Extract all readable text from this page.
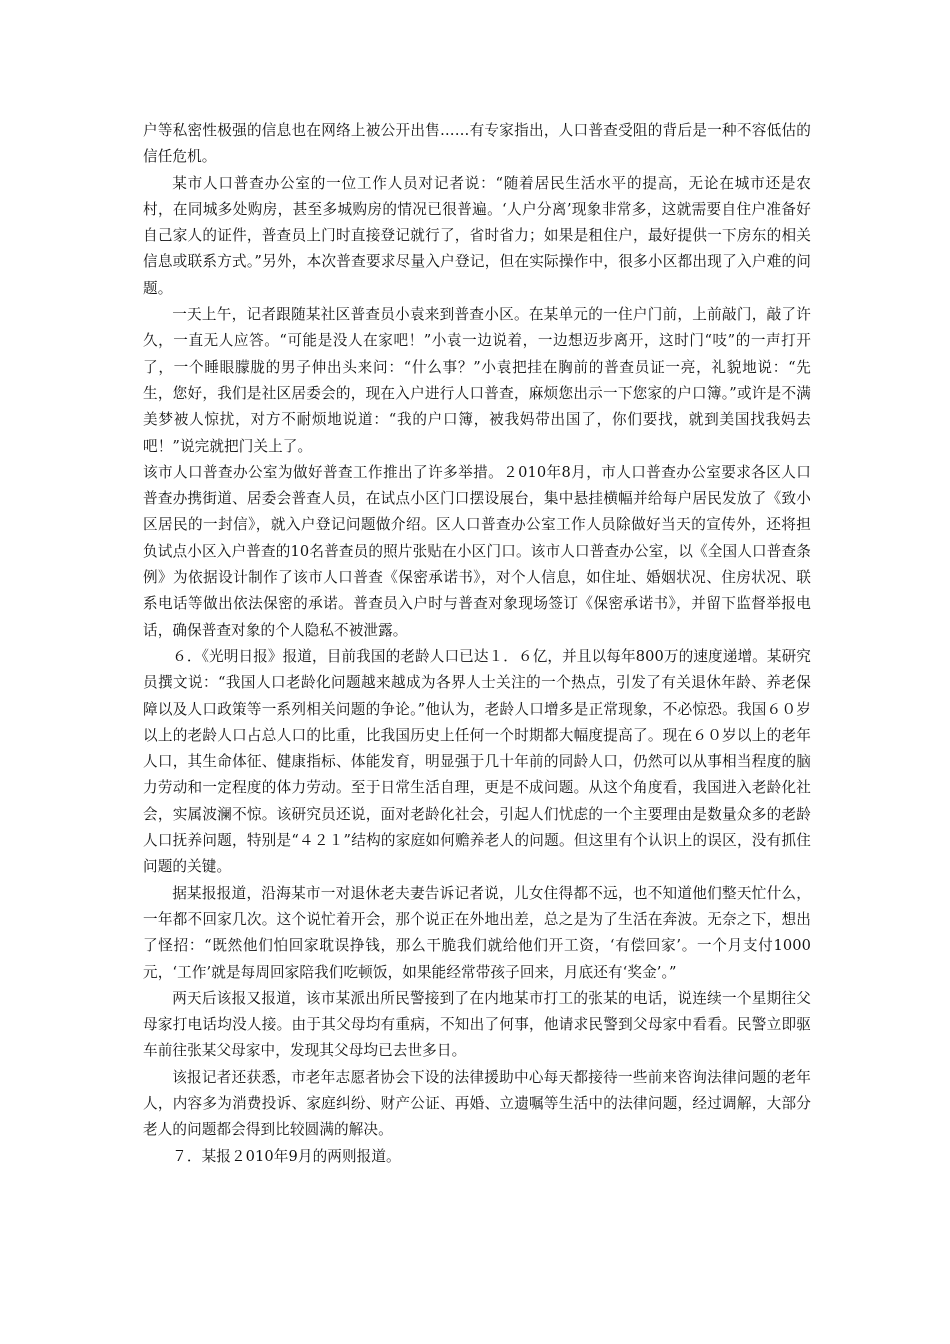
户等私密性极强的信息也在网络上被公开出售……有专家指出，人口普查受阻的背后是一种不容低估的信任危机。

某市人口普查办公室的一位工作人员对记者说：“随着居民生活水平的提高，无论在城市还是农村，在同城多处购房，甚至多城购房的情况已很普遍。‘人户分离’现象非常多，这就需要自住户准备好自己家人的证件，普查员上门时直接登记就行了，省时省力；如果是租住户，最好提供一下房东的相关信息或联系方式。”另外，本次普查要求尽量入户登记，但在实际操作中，很多小区都出现了入户难的问题。

一天上午，记者跟随某社区普查员小袁来到普查小区。在某单元的一住户门前，上前敲门，敲了许久，一直无人应答。“可能是没人在家吧！”小袁一边说着，一边想迈步离开，这时门“吱”的一声打开了，一个睡眼朦胧的男子伸出头来问：“什么事？”小袁把挂在胸前的普查员证一亮，礼貌地说：“先生，您好，我们是社区居委会的，现在入户进行人口普查，麻烦您出示一下您家的户口簿。”或许是不满美梦被人惊扰，对方不耐烦地说道：“我的户口簿，被我妈带出国了，你们要找，就到美国找我妈去吧！”说完就把门关上了。

该市人口普查办公室为做好普查工作推出了许多举措。２010年8月，市人口普查办公室要求各区人口普查办携街道、居委会普查人员，在试点小区门口摆设展台，集中悬挂横幅并给每户居民发放了《致小区居民的一封信》，就入户登记问题做介绍。区人口普查办公室工作人员除做好当天的宣传外，还将担负试点小区入户普查的10名普查员的照片张贴在小区门口。该市人口普查办公室，以《全国人口普查条例》为依据设计制作了该市人口普查《保密承诺书》，对个人信息，如住址、婚姻状况、住房状况、联系电话等做出依法保密的承诺。普查员入户时与普查对象现场签订《保密承诺书》，并留下监督举报电话，确保普查对象的个人隐私不被泄露。

６．《光明日报》报道，目前我国的老龄人口已达１．６亿，并且以每年800万的速度递增。某研究员撰文说：“我国人口老龄化问题越来越成为各界人士关注的一个热点，引发了有关退休年龄、养老保障以及人口政策等一系列相关问题的争论。”他认为，老龄人口增多是正常现象，不必惊恐。我国６０岁以上的老龄人口占总人口的比重，比我国历史上任何一个时期都大幅度提高了。现在６０岁以上的老年人口，其生命体征、健康指标、体能发育，明显强于几十年前的同龄人口，仍然可以从事相当程度的脑力劳动和一定程度的体力劳动。至于日常生活自理，更是不成问题。从这个角度看，我国进入老龄化社会，实属波澜不惊。该研究员还说，面对老龄化社会，引起人们忧虑的一个主要理由是数量众多的老龄人口抚养问题，特别是“４２１”结构的家庭如何赡养老人的问题。但这里有个认识上的误区，没有抓住问题的关键。

据某报报道，沿海某市一对退休老夫妻告诉记者说，儿女住得都不远，也不知道他们整天忙什么，一年都不回家几次。这个说忙着开会，那个说正在外地出差，总之是为了生活在奔波。无奈之下，想出了怪招：“既然他们怕回家耽误挣钱，那么干脆我们就给他们开工资，‘有偿回家’。一个月支付1000元，‘工作’就是每周回家陪我们吃顿饭，如果能经常带孩子回来，月底还有‘奖金’。”

两天后该报又报道，该市某派出所民警接到了在内地某市打工的张某的电话，说连续一个星期往父母家打电话均没人接。由于其父母均有重病，不知出了何事，他请求民警到父母家中看看。民警立即驱车前往张某父母家中，发现其父母均已去世多日。

该报记者还获悉，市老年志愿者协会下设的法律援助中心每天都接待一些前来咨询法律问题的老年人，内容多为消费投诉、家庭纠纷、财产公证、再婚、立遗嘱等生活中的法律问题，经过调解，大部分老人的问题都会得到比较圆满的解决。

７．某报２010年9月的两则报道。
